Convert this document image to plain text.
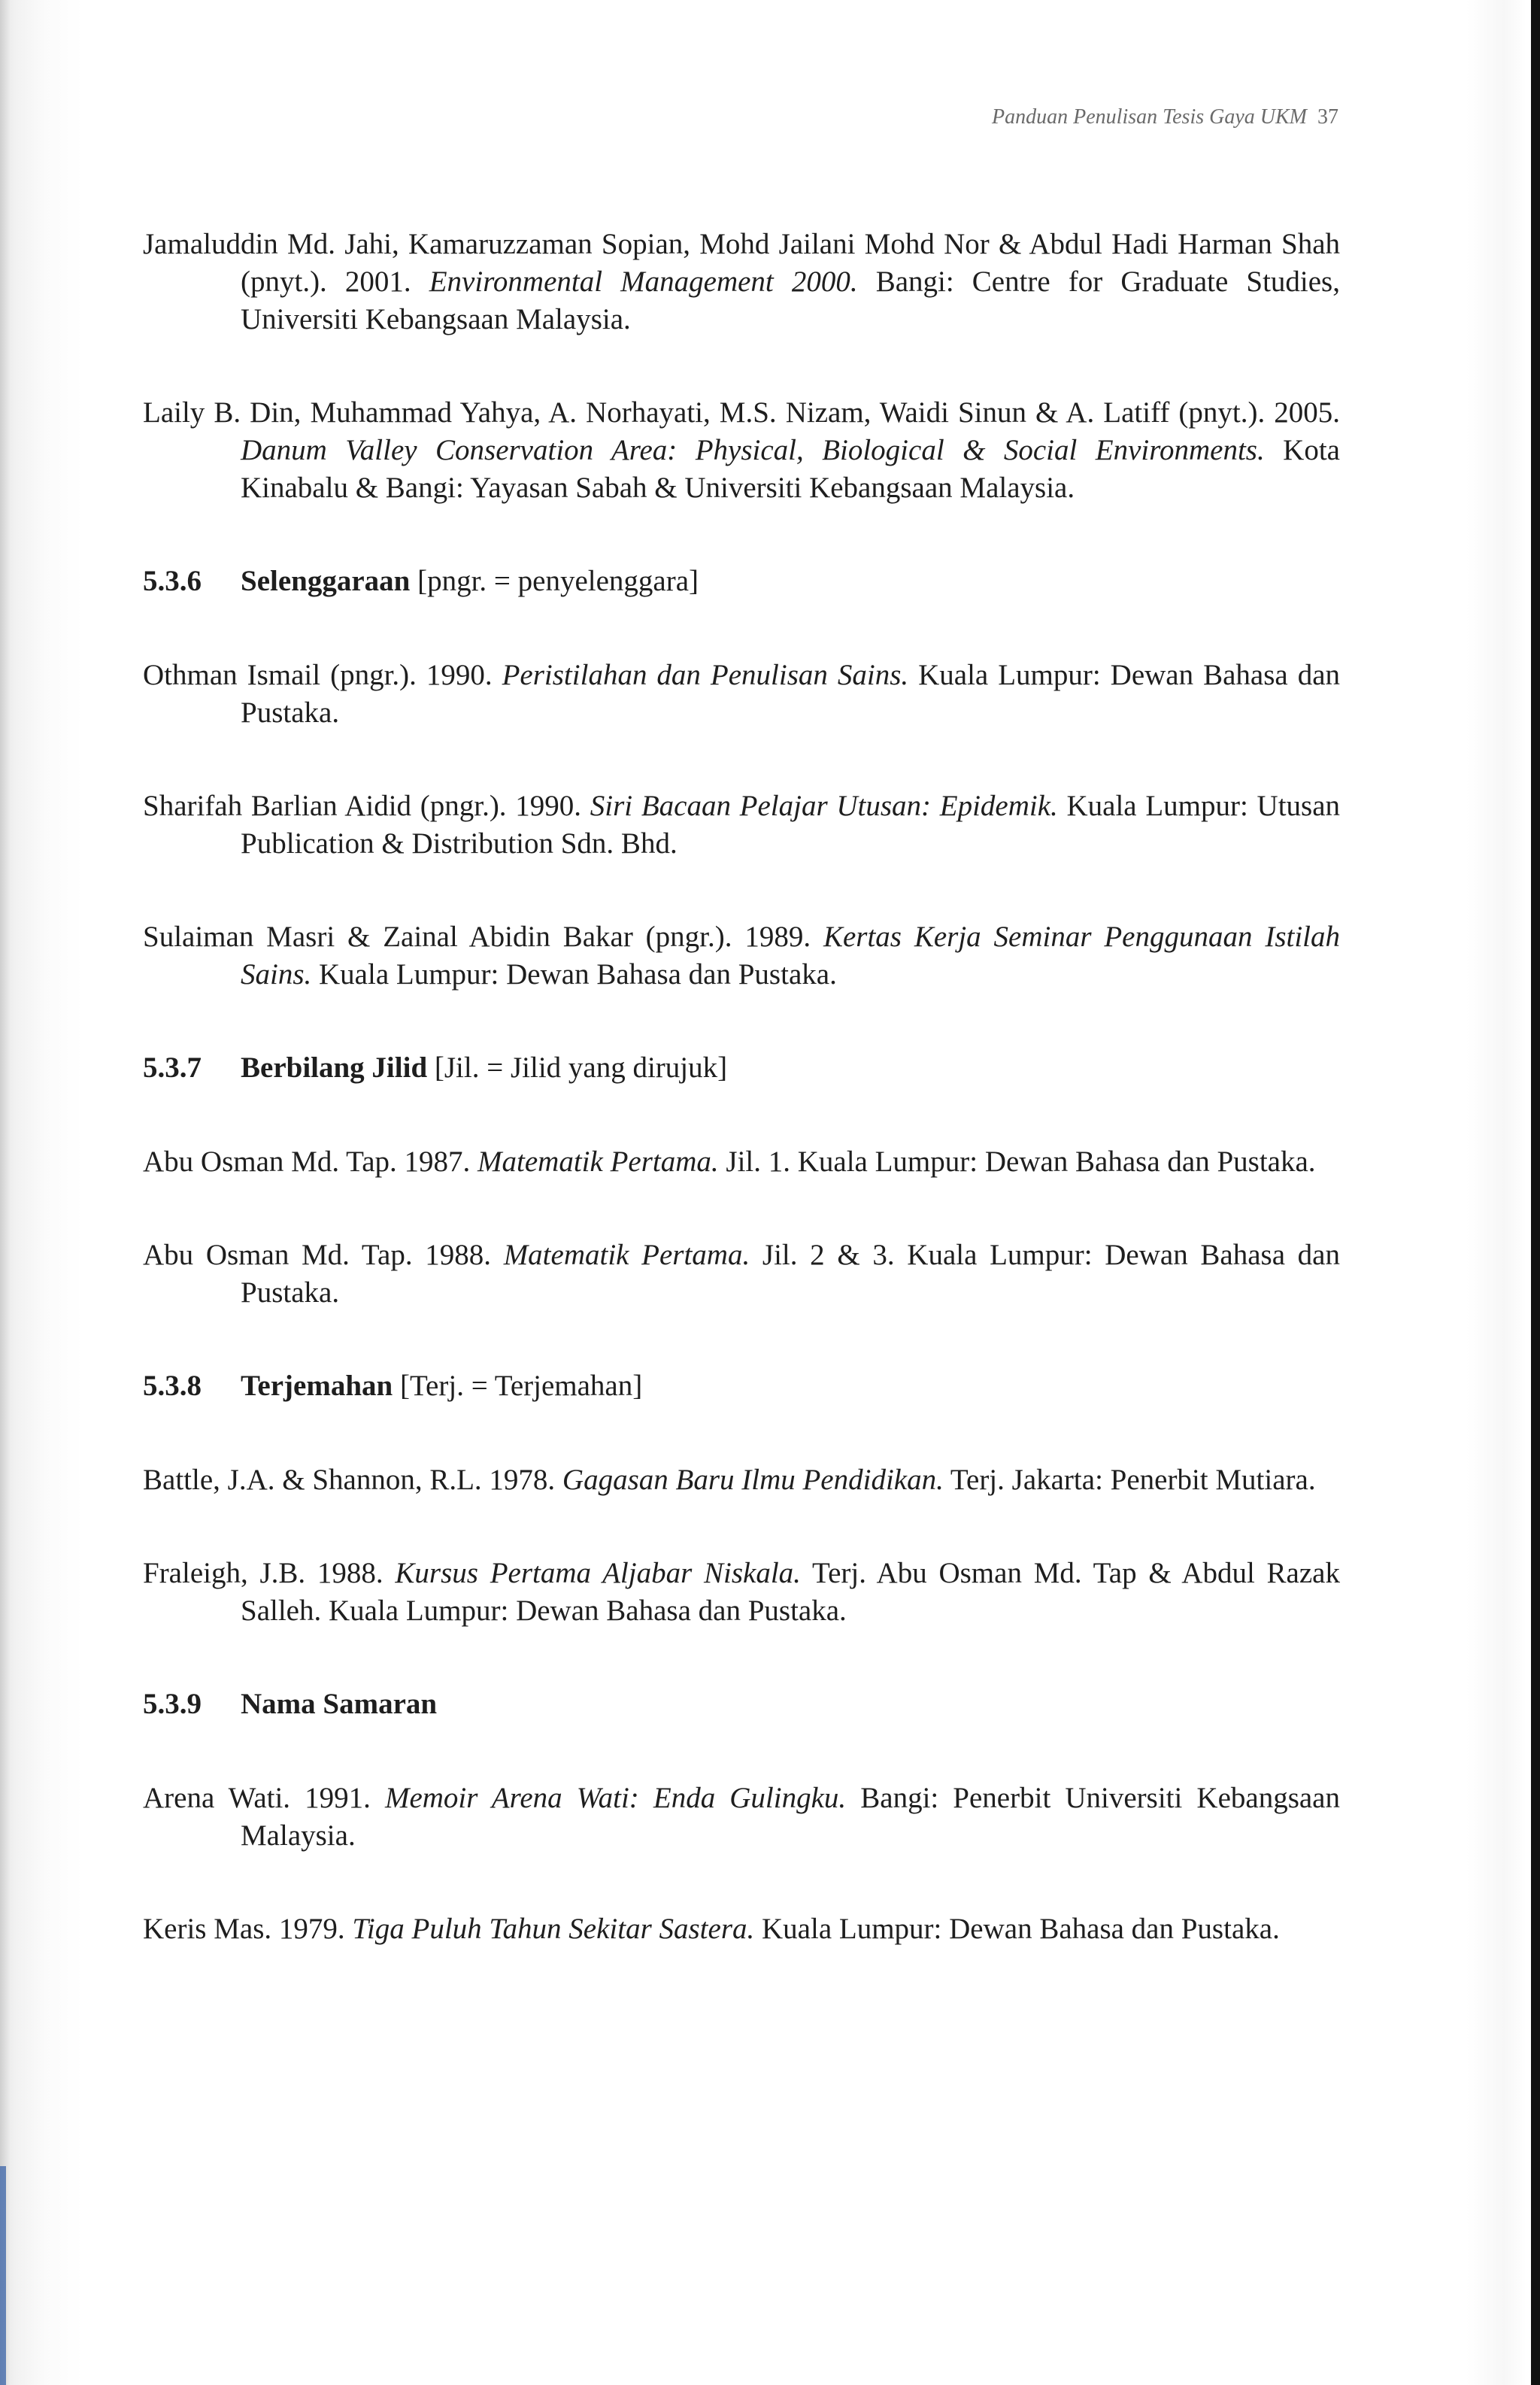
Panduan Penulisan Tesis Gaya UKM 37

Jamaluddin Md. Jahi, Kamaruzzaman Sopian, Mohd Jailani Mohd Nor & Abdul Hadi Harman Shah (pnyt.). 2001. Environmental Management 2000. Bangi: Centre for Graduate Studies, Universiti Kebangsaan Malaysia.

Laily B. Din, Muhammad Yahya, A. Norhayati, M.S. Nizam, Waidi Sinun & A. Latiff (pnyt.). 2005. Danum Valley Conservation Area: Physical, Biological & Social Environments. Kota Kinabalu & Bangi: Yayasan Sabah & Universiti Kebangsaan Malaysia.

5.3.6 Selenggaraan [pngr. = penyelenggara]

Othman Ismail (pngr.). 1990. Peristilahan dan Penulisan Sains. Kuala Lumpur: Dewan Bahasa dan Pustaka.

Sharifah Barlian Aidid (pngr.). 1990. Siri Bacaan Pelajar Utusan: Epidemik. Kuala Lumpur: Utusan Publication & Distribution Sdn. Bhd.

Sulaiman Masri & Zainal Abidin Bakar (pngr.). 1989. Kertas Kerja Seminar Penggunaan Istilah Sains. Kuala Lumpur: Dewan Bahasa dan Pustaka.

5.3.7 Berbilang Jilid [Jil. = Jilid yang dirujuk]

Abu Osman Md. Tap. 1987. Matematik Pertama. Jil. 1. Kuala Lumpur: Dewan Bahasa dan Pustaka.

Abu Osman Md. Tap. 1988. Matematik Pertama. Jil. 2 & 3. Kuala Lumpur: Dewan Bahasa dan Pustaka.

5.3.8 Terjemahan [Terj. = Terjemahan]

Battle, J.A. & Shannon, R.L. 1978. Gagasan Baru Ilmu Pendidikan. Terj. Jakarta: Penerbit Mutiara.

Fraleigh, J.B. 1988. Kursus Pertama Aljabar Niskala. Terj. Abu Osman Md. Tap & Abdul Razak Salleh. Kuala Lumpur: Dewan Bahasa dan Pustaka.

5.3.9 Nama Samaran

Arena Wati. 1991. Memoir Arena Wati: Enda Gulingku. Bangi: Penerbit Universiti Kebangsaan Malaysia.

Keris Mas. 1979. Tiga Puluh Tahun Sekitar Sastera. Kuala Lumpur: Dewan Bahasa dan Pustaka.
